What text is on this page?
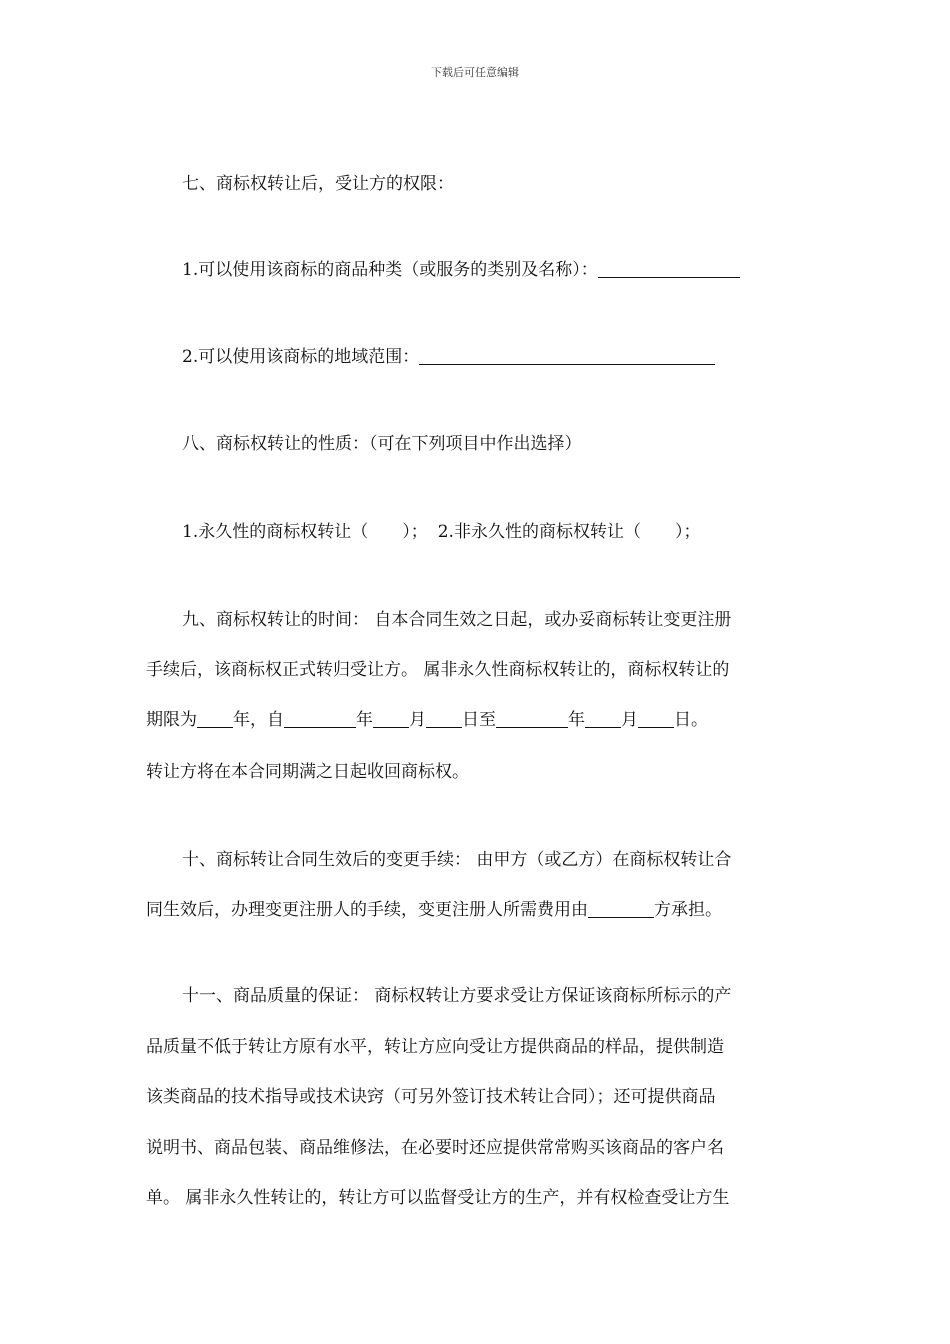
下载后可任意编辑
七、商标权转让后，受让方的权限：
1.可以使用该商标的商品种类（或服务的类别及名称）：
2.可以使用该商标的地域范围：
八、商标权转让的性质：（可在下列项目中作出选择）
1.永久性的商标权转让（　　）； 2.非永久性的商标权转让（　　）；
九、商标权转让的时间： 自本合同生效之日起，或办妥商标转让变更注册
手续后，该商标权正式转归受让方。 属非永久性商标权转让的，商标权转让的
期限为 年，自	年 月 日至	年 月 日。
转让方将在本合同期满之日起收回商标权。
十、商标转让合同生效后的变更手续： 由甲方（或乙方）在商标权转让合
同生效后，办理变更注册人的手续，变更注册人所需费用由	方承担。
十一、商品质量的保证： 商标权转让方要求受让方保证该商标所标示的产
品质量不低于转让方原有水平，转让方应向受让方提供商品的样品，提供制造
该类商品的技术指导或技术诀窍（可另外签订技术转让合同）；还可提供商品
说明书、商品包装、商品维修法，在必要时还应提供常常购买该商品的客户名
单。 属非永久性转让的，转让方可以监督受让方的生产，并有权检查受让方生
